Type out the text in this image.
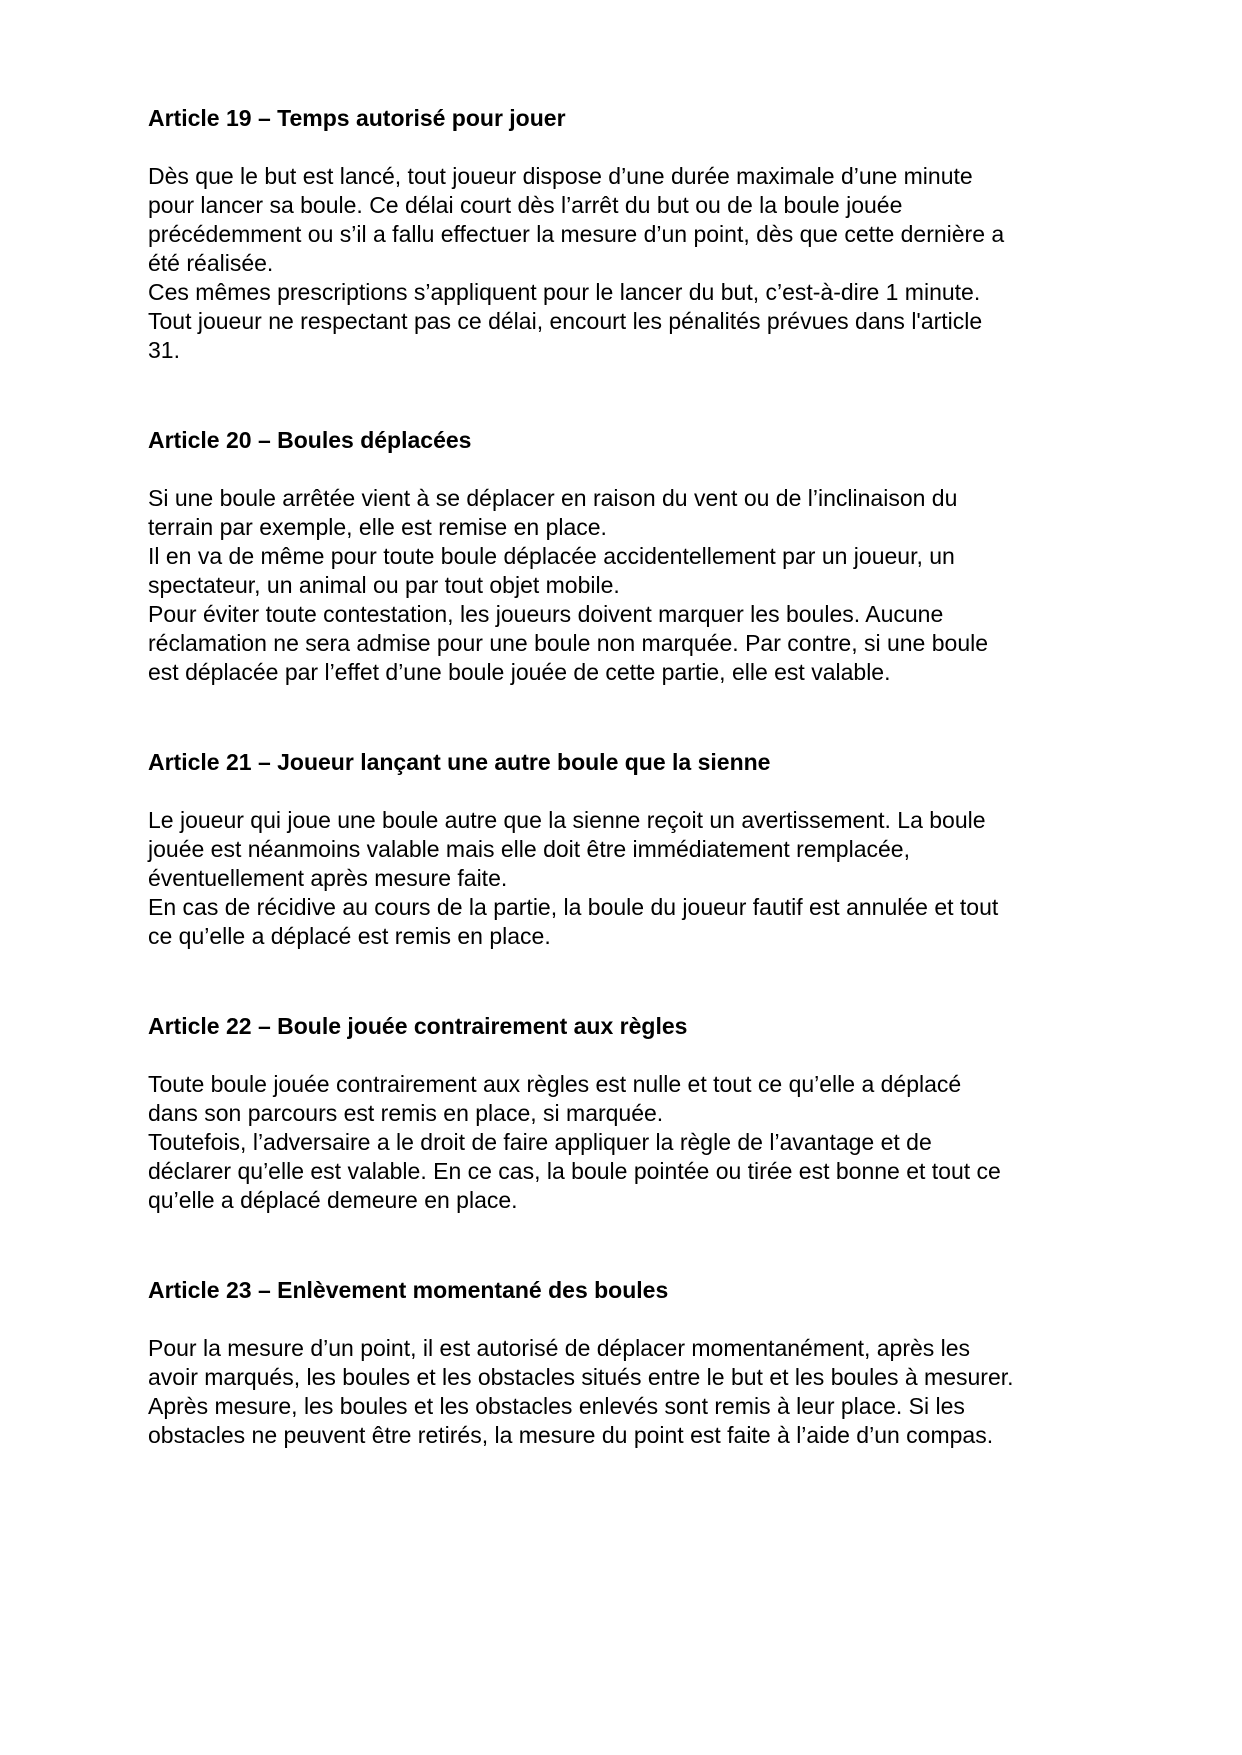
Article 19 – Temps autorisé pour jouer
Dès que le but est lancé, tout joueur dispose d’une durée maximale d’une minute
pour lancer sa boule. Ce délai court dès l’arrêt du but ou de la boule jouée
précédemment ou s’il a fallu effectuer la mesure d’un point, dès que cette dernière a
été réalisée.
Ces mêmes prescriptions s’appliquent pour le lancer du but, c’est-à-dire 1 minute.
Tout joueur ne respectant pas ce délai, encourt les pénalités prévues dans l'article
31.
Article 20 – Boules déplacées
Si une boule arrêtée vient à se déplacer en raison du vent ou de l’inclinaison du
terrain par exemple, elle est remise en place.
Il en va de même pour toute boule déplacée accidentellement par un joueur, un
spectateur, un animal ou par tout objet mobile.
Pour éviter toute contestation, les joueurs doivent marquer les boules. Aucune
réclamation ne sera admise pour une boule non marquée. Par contre, si une boule
est déplacée par l’effet d’une boule jouée de cette partie, elle est valable.
Article 21 – Joueur lançant une autre boule que la sienne
Le joueur qui joue une boule autre que la sienne reçoit un avertissement. La boule
jouée est néanmoins valable mais elle doit être immédiatement remplacée,
éventuellement après mesure faite.
En cas de récidive au cours de la partie, la boule du joueur fautif est annulée et tout
ce qu’elle a déplacé est remis en place.
Article 22 – Boule jouée contrairement aux règles
Toute boule jouée contrairement aux règles est nulle et tout ce qu’elle a déplacé
dans son parcours est remis en place, si marquée.
Toutefois, l’adversaire a le droit de faire appliquer la règle de l’avantage et de
déclarer qu’elle est valable. En ce cas, la boule pointée ou tirée est bonne et tout ce
qu’elle a déplacé demeure en place.
Article 23 – Enlèvement momentané des boules
Pour la mesure d’un point, il est autorisé de déplacer momentanément, après les
avoir marqués, les boules et les obstacles situés entre le but et les boules à mesurer.
Après mesure, les boules et les obstacles enlevés sont remis à leur place. Si les
obstacles ne peuvent être retirés, la mesure du point est faite à l’aide d’un compas.
